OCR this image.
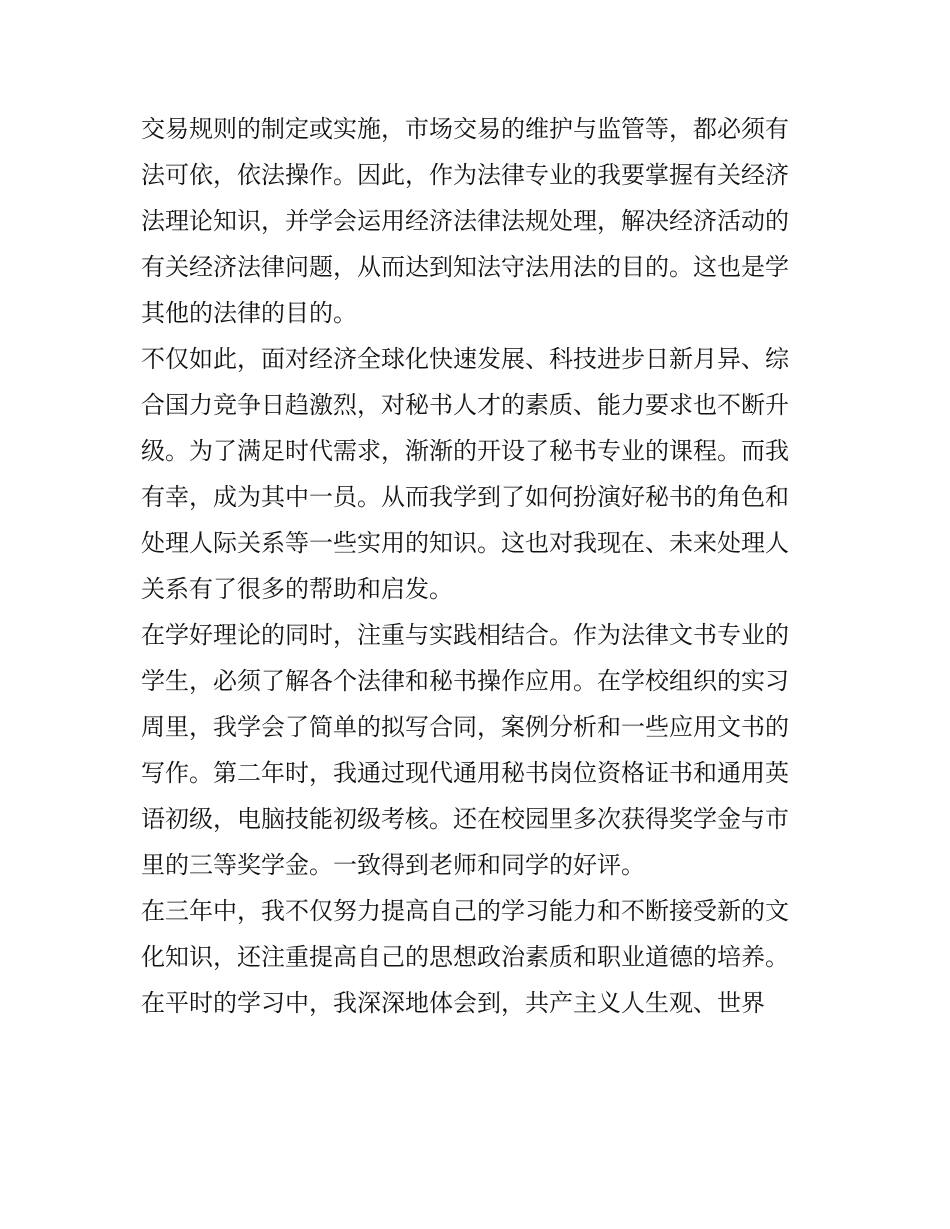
交易规则的制定或实施，市场交易的维护与监管等，都必须有
法可依，依法操作。因此，作为法律专业的我要掌握有关经济
法理论知识，并学会运用经济法律法规处理，解决经济活动的
有关经济法律问题，从而达到知法守法用法的目的。这也是学
其他的法律的目的。
不仅如此，面对经济全球化快速发展、科技进步日新月异、综
合国力竞争日趋激烈，对秘书人才的素质、能力要求也不断升
级。为了满足时代需求，渐渐的开设了秘书专业的课程。而我
有幸，成为其中一员。从而我学到了如何扮演好秘书的角色和
处理人际关系等一些实用的知识。这也对我现在、未来处理人
关系有了很多的帮助和启发。
在学好理论的同时，注重与实践相结合。作为法律文书专业的
学生，必须了解各个法律和秘书操作应用。在学校组织的实习
周里，我学会了简单的拟写合同，案例分析和一些应用文书的
写作。第二年时，我通过现代通用秘书岗位资格证书和通用英
语初级，电脑技能初级考核。还在校园里多次获得奖学金与市
里的三等奖学金。一致得到老师和同学的好评。
在三年中，我不仅努力提高自己的学习能力和不断接受新的文
化知识，还注重提高自己的思想政治素质和职业道德的培养。
在平时的学习中，我深深地体会到，共产主义人生观、世界
